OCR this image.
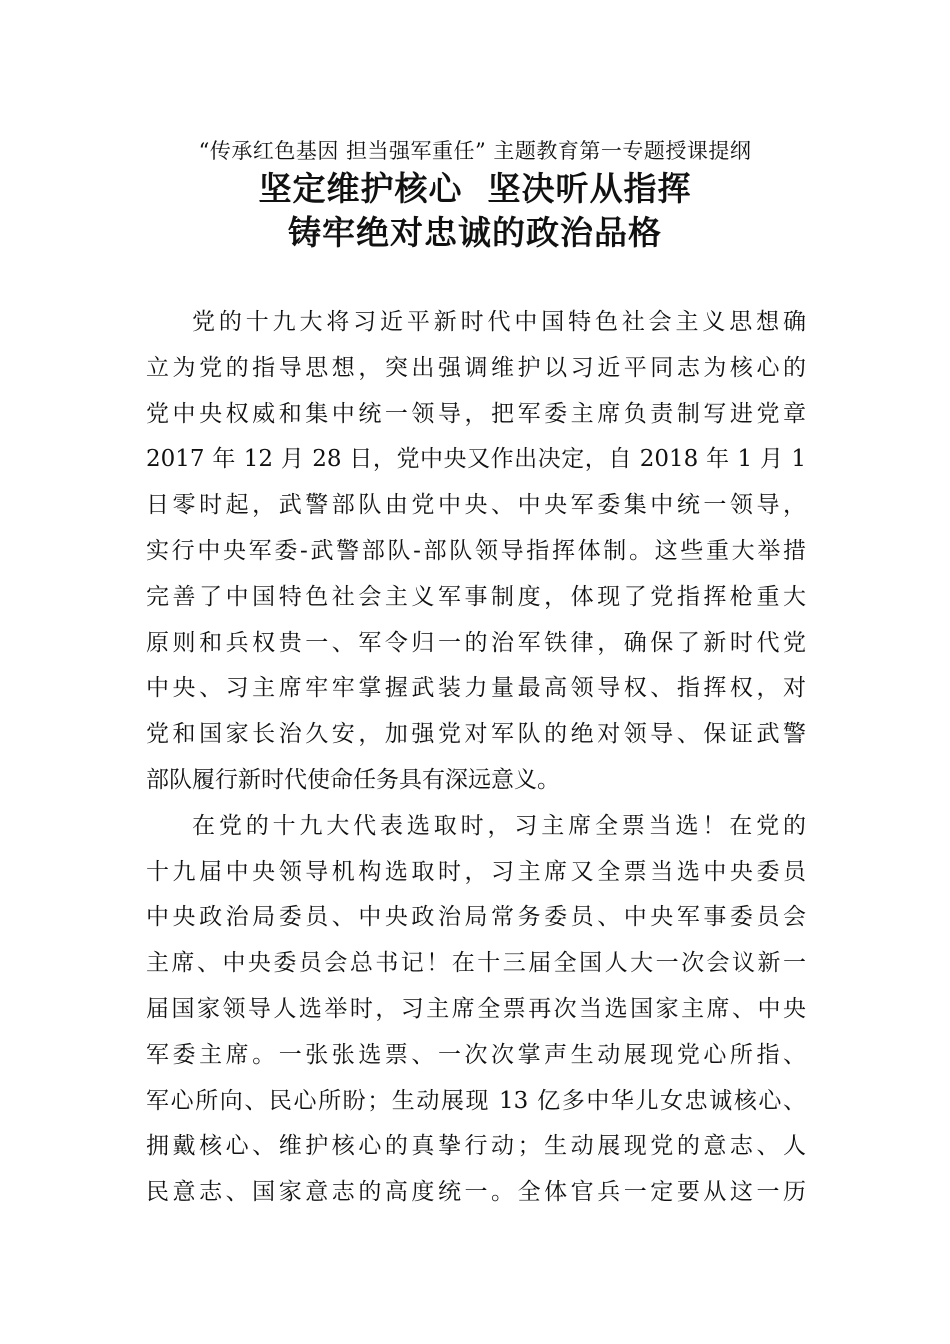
“传承红色基因 担当强军重任” 主题教育第一专题授课提纲
坚定维护核心  坚决听从指挥
铸牢绝对忠诚的政治品格
党的十九大将习近平新时代中国特色社会主义思想确
立为党的指导思想，突出强调维护以习近平同志为核心的
党中央权威和集中统一领导，把军委主席负责制写进党章
2017 年 12 月 28 日，党中央又作出决定，自 2018 年 1 月 1
日零时起，武警部队由党中央、中央军委集中统一领导，
实行中央军委-武警部队-部队领导指挥体制。这些重大举措
完善了中国特色社会主义军事制度，体现了党指挥枪重大
原则和兵权贵一、军令归一的治军铁律，确保了新时代党
中央、习主席牢牢掌握武装力量最高领导权、指挥权，对
党和国家长治久安，加强党对军队的绝对领导、保证武警
部队履行新时代使命任务具有深远意义。
在党的十九大代表选取时，习主席全票当选！在党的
十九届中央领导机构选取时，习主席又全票当选中央委员
中央政治局委员、中央政治局常务委员、中央军事委员会
主席、中央委员会总书记！在十三届全国人大一次会议新一
届国家领导人选举时，习主席全票再次当选国家主席、中央
军委主席。一张张选票、一次次掌声生动展现党心所指、
军心所向、民心所盼；生动展现 13 亿多中华儿女忠诚核心、
拥戴核心、维护核心的真挚行动；生动展现党的意志、人
民意志、国家意志的高度统一。全体官兵一定要从这一历
